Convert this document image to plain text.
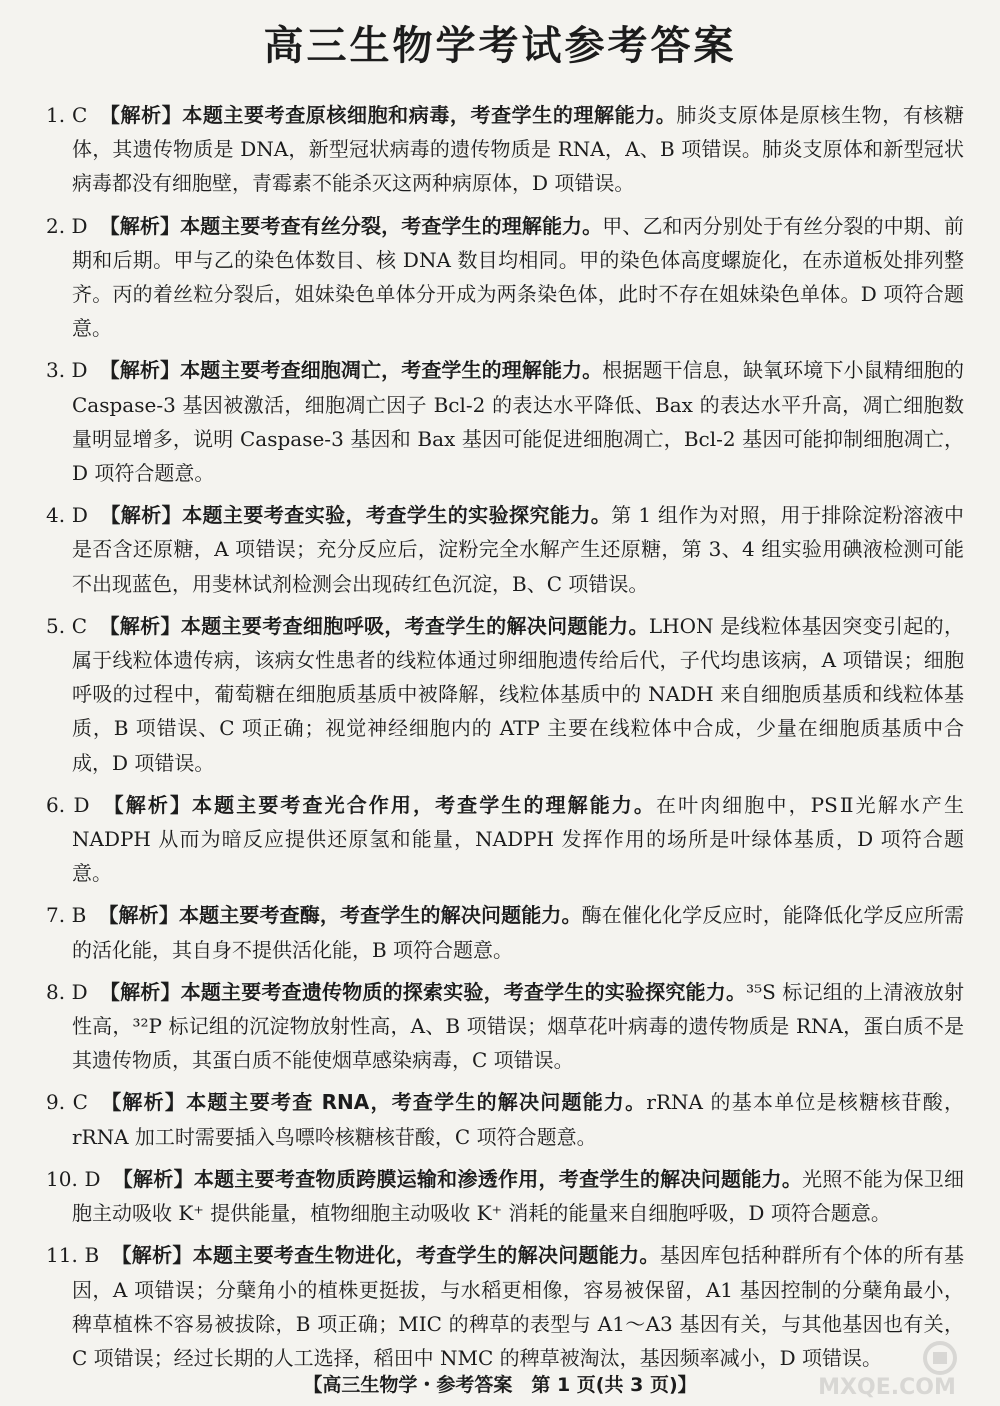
高三生物学考试参考答案

1. C 【解析】本题主要考查原核细胞和病毒，考查学生的理解能力。肺炎支原体是原核生物，有核糖体，其遗传物质是 DNA，新型冠状病毒的遗传物质是 RNA，A、B 项错误。肺炎支原体和新型冠状病毒都没有细胞壁，青霉素不能杀灭这两种病原体，D 项错误。

2. D 【解析】本题主要考查有丝分裂，考查学生的理解能力。甲、乙和丙分别处于有丝分裂的中期、前期和后期。甲与乙的染色体数目、核 DNA 数目均相同。甲的染色体高度螺旋化，在赤道板处排列整齐。丙的着丝粒分裂后，姐妹染色单体分开成为两条染色体，此时不存在姐妹染色单体。D 项符合题意。

3. D 【解析】本题主要考查细胞凋亡，考查学生的理解能力。根据题干信息，缺氧环境下小鼠精细胞的 Caspase-3 基因被激活，细胞凋亡因子 Bcl-2 的表达水平降低、Bax 的表达水平升高，凋亡细胞数量明显增多，说明 Caspase-3 基因和 Bax 基因可能促进细胞凋亡，Bcl-2 基因可能抑制细胞凋亡，D 项符合题意。

4. D 【解析】本题主要考查实验，考查学生的实验探究能力。第 1 组作为对照，用于排除淀粉溶液中是否含还原糖，A 项错误；充分反应后，淀粉完全水解产生还原糖，第 3、4 组实验用碘液检测可能不出现蓝色，用斐林试剂检测会出现砖红色沉淀，B、C 项错误。

5. C 【解析】本题主要考查细胞呼吸，考查学生的解决问题能力。LHON 是线粒体基因突变引起的，属于线粒体遗传病，该病女性患者的线粒体通过卵细胞遗传给后代，子代均患该病，A 项错误；细胞呼吸的过程中，葡萄糖在细胞质基质中被降解，线粒体基质中的 NADH 来自细胞质基质和线粒体基质，B 项错误、C 项正确；视觉神经细胞内的 ATP 主要在线粒体中合成，少量在细胞质基质中合成，D 项错误。

6. D 【解析】本题主要考查光合作用，考查学生的理解能力。在叶肉细胞中，PSⅡ光解水产生 NADPH 从而为暗反应提供还原氢和能量，NADPH 发挥作用的场所是叶绿体基质，D 项符合题意。

7. B 【解析】本题主要考查酶，考查学生的解决问题能力。酶在催化化学反应时，能降低化学反应所需的活化能，其自身不提供活化能，B 项符合题意。

8. D 【解析】本题主要考查遗传物质的探索实验，考查学生的实验探究能力。³⁵S 标记组的上清液放射性高，³²P 标记组的沉淀物放射性高，A、B 项错误；烟草花叶病毒的遗传物质是 RNA，蛋白质不是其遗传物质，其蛋白质不能使烟草感染病毒，C 项错误。

9. C 【解析】本题主要考查 RNA，考查学生的解决问题能力。rRNA 的基本单位是核糖核苷酸，rRNA 加工时需要插入鸟嘌呤核糖核苷酸，C 项符合题意。

10. D 【解析】本题主要考查物质跨膜运输和渗透作用，考查学生的解决问题能力。光照不能为保卫细胞主动吸收 K⁺ 提供能量，植物细胞主动吸收 K⁺ 消耗的能量来自细胞呼吸，D 项符合题意。

11. B 【解析】本题主要考查生物进化，考查学生的解决问题能力。基因库包括种群所有个体的所有基因，A 项错误；分蘖角小的植株更挺拔，与水稻更相像，容易被保留，A1 基因控制的分蘖角最小，稗草植株不容易被拔除，B 项正确；MIC 的稗草的表型与 A1～A3 基因有关，与其他基因也有关，C 项错误；经过长期的人工选择，稻田中 NMC 的稗草被淘汰，基因频率减小，D 项错误。

【高三生物学・参考答案　第 1 页(共 3 页)】	MXQE.COM
